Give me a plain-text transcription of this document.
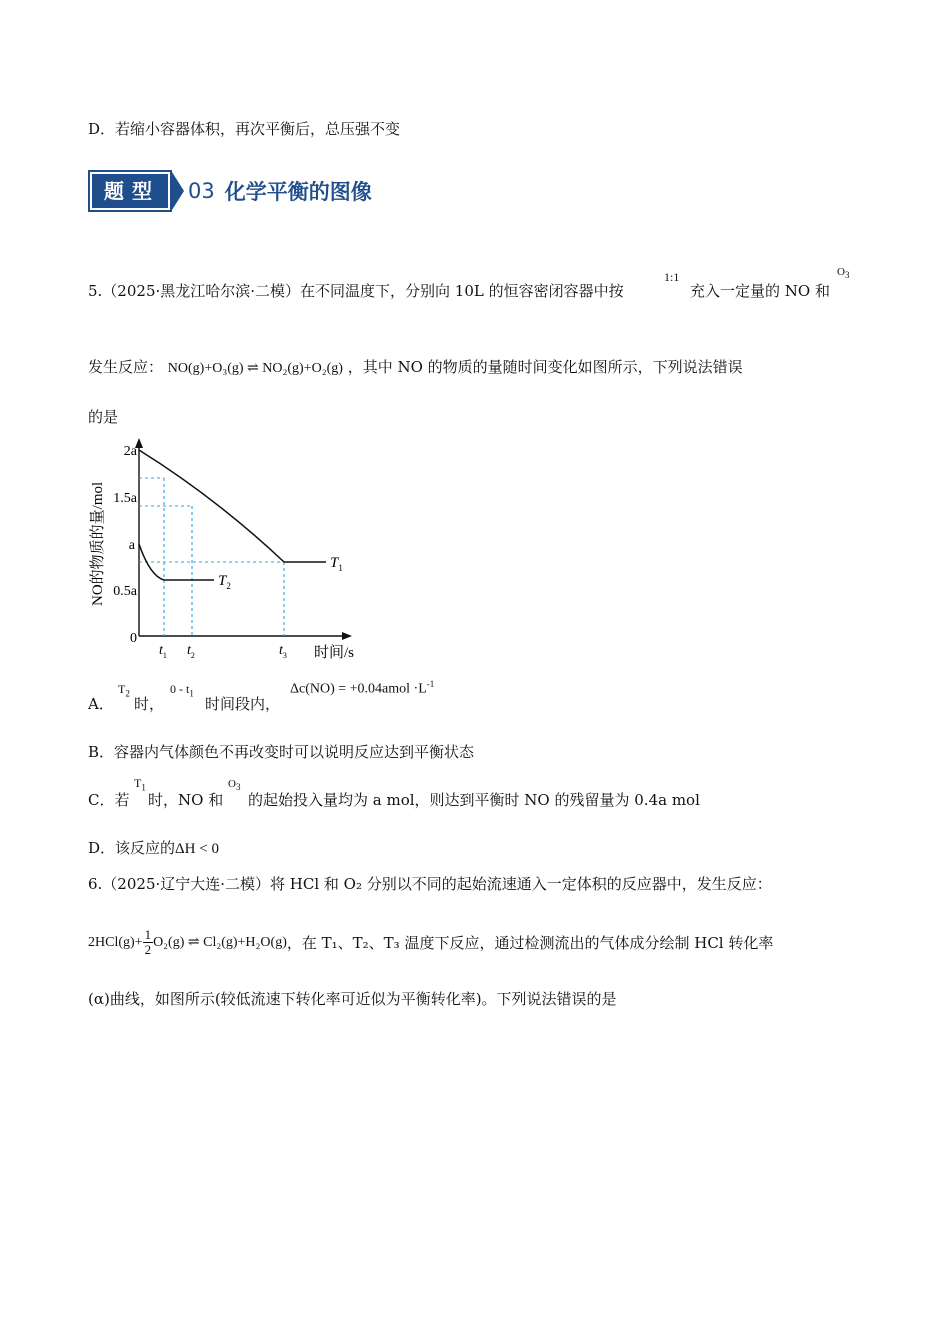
D．若缩小容器体积，再次平衡后，总压强不变
题型	03 化学平衡的图像
5.（2025·黑龙江哈尔滨·二模）在不同温度下，分别向 10L 的恒容密闭容器中按
1:1
充入一定量的 NO 和
$O_3$
发生反应： NO(g)+O₃(g) ⇌ NO₂(g)+O₂(g) ，其中 NO 的物质的量随时间变化如图所示，下列说法错误
的是
NO的物质的量/mol
2a
1.5a
a
0.5a
0
$T_1$
$T_2$
$t_1$ $t_2$	$t_3$ 时间/s
A．
$T_2$
时，
$0 - t_1$
时间段内，
Δc(NO) = +0.04amol $\cdot L^{-1}$
B．容器内气体颜色不再改变时可以说明反应达到平衡状态
C．若
$T_1$
时，NO 和
$O_3$
的起始投入量均为 a mol，则达到平衡时 NO 的残留量为 0.4a mol
D．该反应的ΔH < 0
6.（2025·辽宁大连·二模）将 HCl 和 O₂ 分别以不同的起始流速通入一定体积的反应器中，发生反应：
$2HCl(g)+ \frac{1}{2} O_2(g)$ ⇌ Cl₂(g)+H₂O(g) ，在 T₁、T₂、T₃ 温度下反应，通过检测流出的气体成分绘制 HCl 转化率
(α)曲线，如图所示(较低流速下转化率可近似为平衡转化率)。下列说法错误的是
